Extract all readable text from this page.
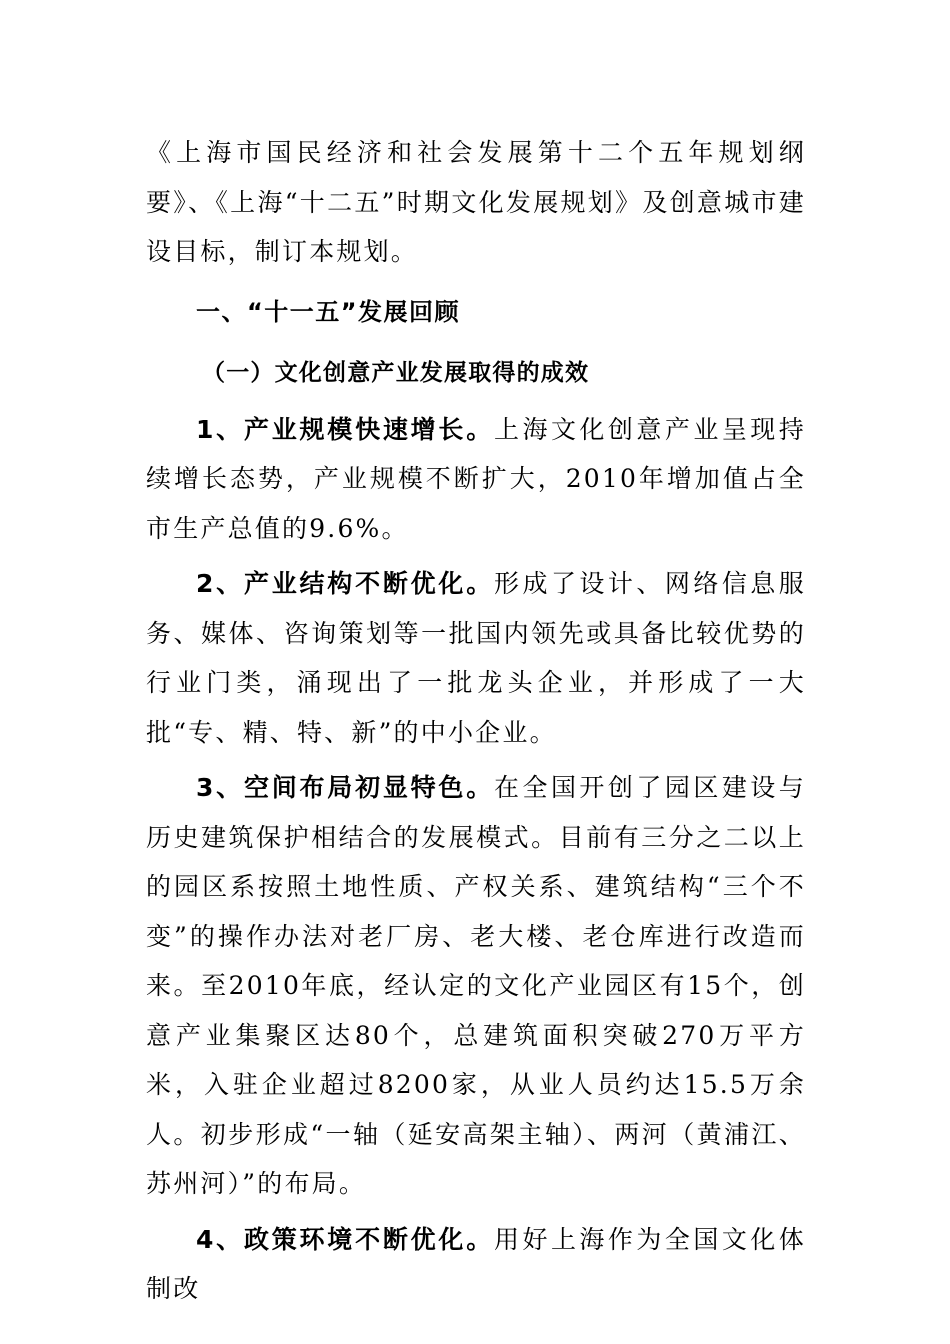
《上海市国民经济和社会发展第十二个五年规划纲要》、《上海“十二五”时期文化发展规划》及创意城市建设目标，制订本规划。

一、“十一五”发展回顾
（一）文化创意产业发展取得的成效

1、产业规模快速增长。上海文化创意产业呈现持续增长态势，产业规模不断扩大，2010年增加值占全市生产总值的9.6%。

2、产业结构不断优化。形成了设计、网络信息服务、媒体、咨询策划等一批国内领先或具备比较优势的行业门类，涌现出了一批龙头企业，并形成了一大批“专、精、特、新”的中小企业。

3、空间布局初显特色。在全国开创了园区建设与历史建筑保护相结合的发展模式。目前有三分之二以上的园区系按照土地性质、产权关系、建筑结构“三个不变”的操作办法对老厂房、老大楼、老仓库进行改造而来。至2010年底，经认定的文化产业园区有15个，创意产业集聚区达80个，总建筑面积突破270万平方米，入驻企业超过8200家，从业人员约达15.5万余人。初步形成“一轴（延安高架主轴）、两河（黄浦江、苏州河）”的布局。

4、政策环境不断优化。用好上海作为全国文化体制改
